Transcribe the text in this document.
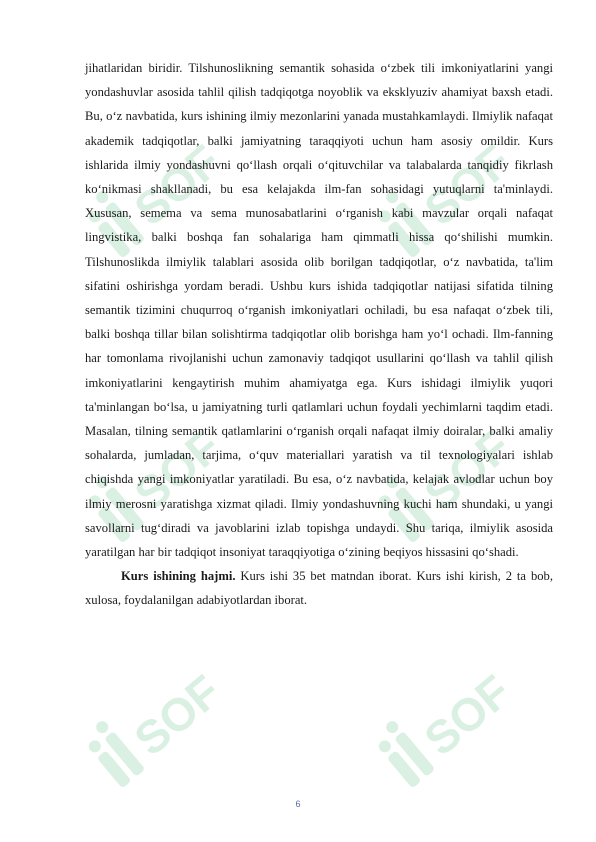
SOF	SOF
SOF	SOF
SOF	SOF

jihatlaridan biridir. Tilshunoslikning semantik sohasida o‘zbek tili imkoniyatlarini yangi yondashuvlar asosida tahlil qilish tadqiqotga noyoblik va eksklyuziv ahamiyat baxsh etadi. Bu, o‘z navbatida, kurs ishining ilmiy mezonlarini yanada mustahkamlaydi. Ilmiylik nafaqat akademik tadqiqotlar, balki jamiyatning taraqqiyoti uchun ham asosiy omildir. Kurs ishlarida ilmiy yondashuvni qo‘llash orqali o‘qituvchilar va talabalarda tanqidiy fikrlash ko‘nikmasi shakllanadi, bu esa kelajakda ilm-fan sohasidagi yutuqlarni ta'minlaydi. Xususan, semema va sema munosabatlarini o‘rganish kabi mavzular orqali nafaqat lingvistika, balki boshqa fan sohalariga ham qimmatli hissa qo‘shilishi mumkin. Tilshunoslikda ilmiylik talablari asosida olib borilgan tadqiqotlar, o‘z navbatida, ta'lim sifatini oshirishga yordam beradi. Ushbu kurs ishida tadqiqotlar natijasi sifatida tilning semantik tizimini chuqurroq o‘rganish imkoniyatlari ochiladi, bu esa nafaqat o‘zbek tili, balki boshqa tillar bilan solishtirma tadqiqotlar olib borishga ham yo‘l ochadi. Ilm-fanning har tomonlama rivojlanishi uchun zamonaviy tadqiqot usullarini qo‘llash va tahlil qilish imkoniyatlarini kengaytirish muhim ahamiyatga ega. Kurs ishidagi ilmiylik yuqori ta'minlangan bo‘lsa, u jamiyatning turli qatlamlari uchun foydali yechimlarni taqdim etadi. Masalan, tilning semantik qatlamlarini o‘rganish orqali nafaqat ilmiy doiralar, balki amaliy sohalarda, jumladan, tarjima, o‘quv materiallari yaratish va til texnologiyalari ishlab chiqishda yangi imkoniyatlar yaratiladi. Bu esa, o‘z navbatida, kelajak avlodlar uchun boy ilmiy merosni yaratishga xizmat qiladi. Ilmiy yondashuvning kuchi ham shundaki, u yangi savollarni tug‘diradi va javoblarini izlab topishga undaydi. Shu tariqa, ilmiylik asosida yaratilgan har bir tadqiqot insoniyat taraqqiyotiga o‘zining beqiyos hissasini qo‘shadi.

Kurs ishining hajmi. Kurs ishi 35 bet matndan iborat. Kurs ishi kirish, 2 ta bob, xulosa, foydalanilgan adabiyotlardan iborat.

6
